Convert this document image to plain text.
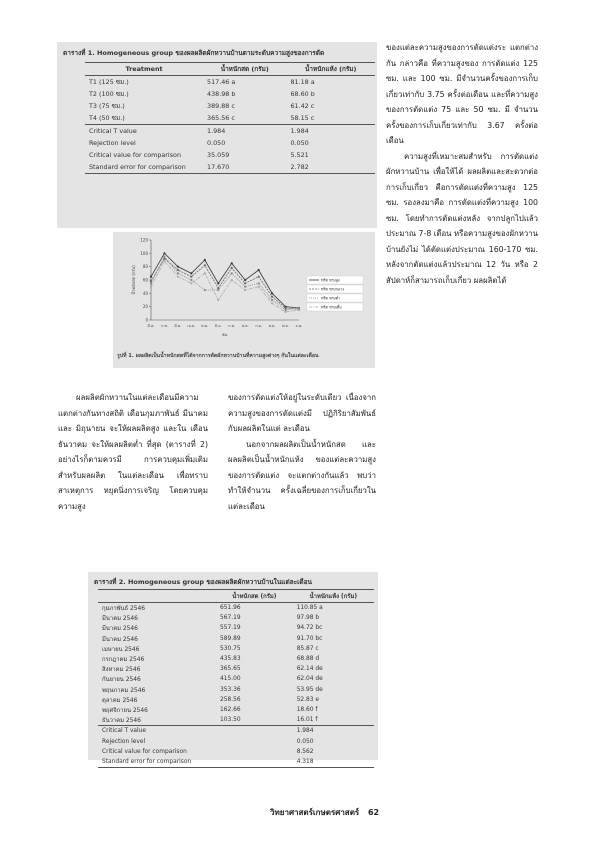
ตารางที่ 1. Homogeneous group ของผลผลิตผักหวานบ้านตามระดับความสูงของการตัด
Treatment	น้ำหนักสด (กรัม)	น้ำหนักแห้ง (กรัม)
T1 (125 ซม.)	517.46 a	81.18 a
T2 (100 ซม.)	438.98 b	68.60 b
T3 (75 ซม.)	389.88 c	61.42 c
T4 (50 ซม.)	365.56 c	58.15 c
Critical T value	1.984	1.984
Rejection level	0.050	0.050
Critical value for comparison	35.059	5.521
Standard error for comparison	17.670	2.782
0
20
40
60
80
100
120
มี.ค. ก.พ. มี.ค. เม.ย. พ.ค. มิ.ย. ก.ค. ส.ค. ก.ย. ต.ค. พ.ย. ธ.ค.
น้ำหนักสด (กรัม)
ชม.
ทรีต ทรงสูง
ทรีต ทรงกลาง
ทรีต ทรงต่ำ
ทรีต ทรงเตี้ย
รูปที่ 1. ผลผลิตเป็นน้ำหนักสดที่ได้จากการตัดผักหวานบ้านที่ความสูงต่างๆ กันในแต่ละเดือน

ของแต่ละความสูงของการตัดแต่งระ แตกต่างกัน กล่าวคือ ที่ความสูงของ การตัดแต่ง 125 ซม. และ 100 ซม. มีจำนวนครั้งของการเก็บเกี่ยวเท่ากับ 3.75 ครั้งต่อเดือน และที่ความสูง ของการตัดแต่ง 75 และ 50 ซม. มี จำนวนครั้งของการเก็บเกี่ยวเท่ากับ 3.67 ครั้งต่อเดือน

ความสูงที่เหมาะสมสำหรับ การตัดแต่งผักหวานบ้าน เพื่อให้ได้ ผลผลิตและสะดวกต่อการเก็บเกี่ยว คือการตัดแต่งที่ความสูง 125 ซม. รองลงมาคือ การตัดแต่งที่ความสูง 100 ซม. โดยทำการตัดแต่งหลัง จากปลูกไปแล้วประมาณ 7-8 เดือน หรือความสูงของผักหวานบ้านยังไม่ ได้ตัดแต่งประมาณ 160-170 ซม. หลังจากตัดแต่งแล้วประมาณ 12 วัน หรือ 2 สัปดาห์ก็สามารถเก็บเกี่ยว ผลผลิตได้

ผลผลิตผักหวานในแต่ละเดือนมีความแตกต่างกันทางสถิติ เดือนกุมภาพันธ์ มีนาคม และ มิถุนายน จะให้ผลผลิตสูง และใน เดือนธันวาคม จะให้ผลผลิตต่ำ ที่สุด (ตารางที่ 2) อย่างไรก็ตามควรมี การควบคุมเพิ่มเติม สำหรับผลผลิต ในแต่ละเดือน เพื่อทราบสาเหตุการ หยุดนิ่งการเจริญ โดยควบคุมความสูง

ของการตัดแต่งให้อยู่ในระดับเดียว เนื่องจากความสูงของการตัดแต่งมี ปฏิกิริยาสัมพันธ์กับผลผลิตในแต่ ละเดือน

นอกจากผลผลิตเป็นน้ำหนักสด และผลผลิตเป็นน้ำหนักแห้ง ของแต่ละความสูงของการตัดแต่ง จะแตกต่างกันแล้ว พบว่าทำให้จำนวน ครั้งเฉลี่ยของการเก็บเกี่ยวในแต่ละเดือน

ตารางที่ 2. Homogeneous group ของผลผลิตผักหวานบ้านในแต่ละเดือน
	น้ำหนักสด (กรัม)	น้ำหนักแห้ง (กรัม)
กุมภาพันธ์ 2546	651.96	110.85 a
มีนาคม 2546	567.19	97.98 b
มีนาคม 2546	557.19	94.72 bc
มีนาคม 2546	589.89	91.70 bc
เมษายน 2546	530.75	85.87 c
กรกฎาคม 2546	435.83	68.88 d
สิงหาคม 2546	365.65	62.14 de
กันยายน 2546	415.00	62.04 de
พฤษภาคม 2546	353.36	53.95 de
ตุลาคม 2546	258.56	52.83 e
พฤศจิกายน 2546	162.66	18.60 f
ธันวาคม 2546	103.50	16.01 f
Critical T value		1.984
Rejection level		0.050
Critical value for comparison		8.562
Standard error for comparison		4.318
วิทยาศาสตร์เกษตรศาสตร์ 62
